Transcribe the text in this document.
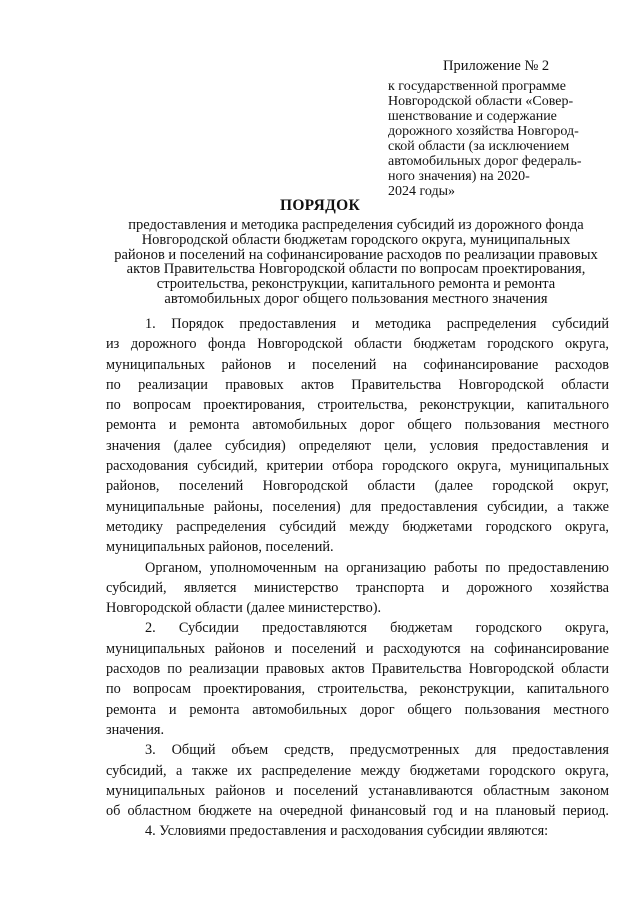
Приложение № 2
к государственной программе
Новгородской области «Совер-
шенствование и содержание
дорожного хозяйства Новгород-
ской области (за исключением
автомобильных дорог федераль-
ного значения) на 2020-
2024 годы»
ПОРЯДОК
предоставления и методика распределения субсидий из дорожного фонда
Новгородской области бюджетам городского округа, муниципальных
районов и поселений на софинансирование расходов по реализации правовых
актов Правительства Новгородской области по вопросам проектирования,
строительства, реконструкции, капитального ремонта и ремонта
автомобильных дорог общего пользования местного значения
1. Порядок предоставления и методика распределения субсидий
из дорожного фонда Новгородской области бюджетам городского округа,
муниципальных районов и поселений на софинансирование расходов
по реализации правовых актов Правительства Новгородской области
по вопросам проектирования, строительства, реконструкции, капитального
ремонта и ремонта автомобильных дорог общего пользования местного
значения (далее субсидия) определяют цели, условия предоставления и
расходования субсидий, критерии отбора городского округа, муниципальных
районов, поселений Новгородской области (далее городской округ,
муниципальные районы, поселения) для предоставления субсидии, а также
методику распределения субсидий между бюджетами городского округа,
муниципальных районов, поселений.
Органом, уполномоченным на организацию работы по предоставлению
субсидий, является министерство транспорта и дорожного хозяйства
Новгородской области (далее министерство).
2. Субсидии предоставляются бюджетам городского округа,
муниципальных районов и поселений и расходуются на софинансирование
расходов по реализации правовых актов Правительства Новгородской области
по вопросам проектирования, строительства, реконструкции, капитального
ремонта и ремонта автомобильных дорог общего пользования местного
значения.
3. Общий объем средств, предусмотренных для предоставления
субсидий, а также их распределение между бюджетами городского округа,
муниципальных районов и поселений устанавливаются областным законом
об областном бюджете на очередной финансовый год и на плановый период.
4. Условиями предоставления и расходования субсидии являются:
